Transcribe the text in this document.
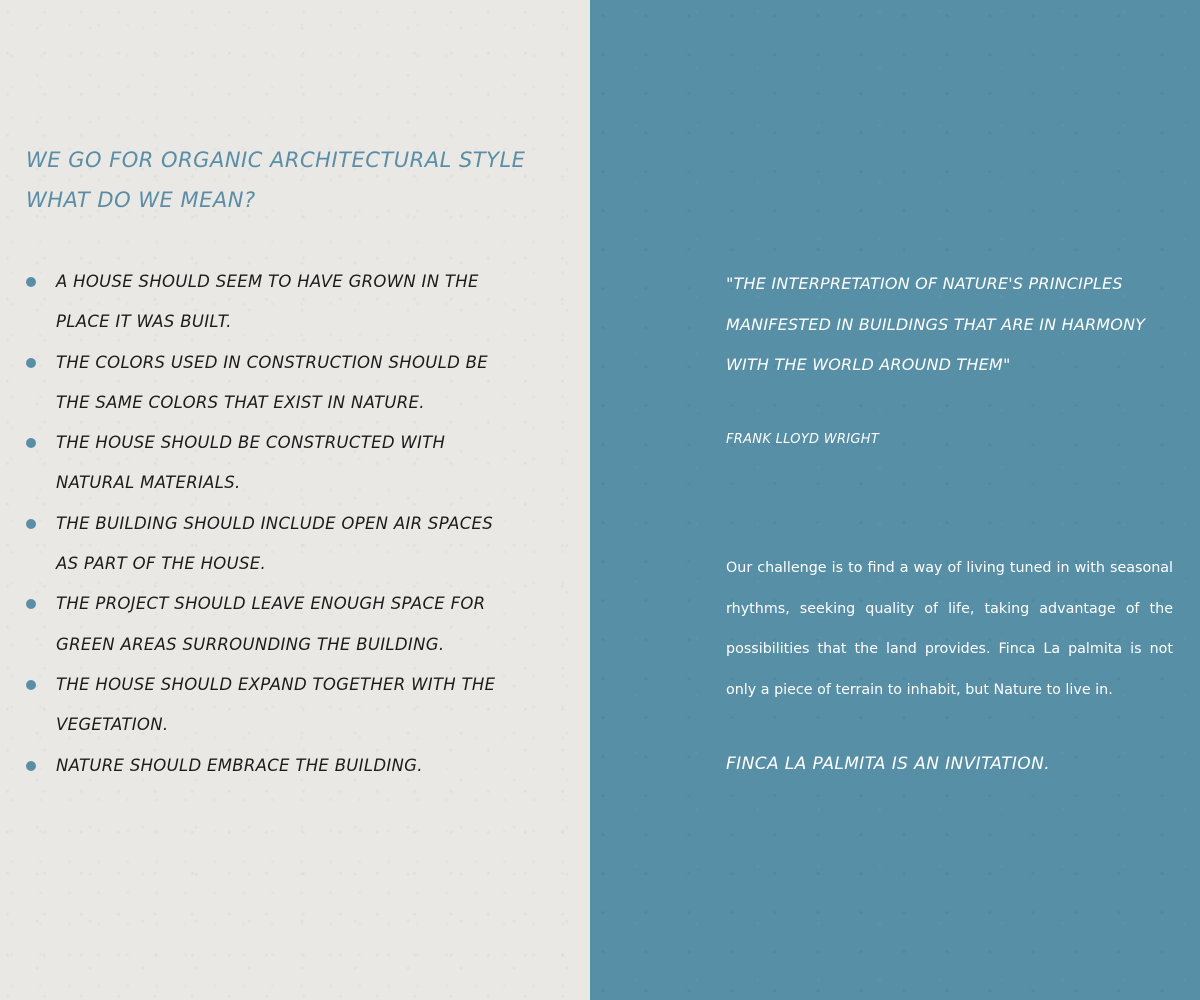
WE GO FOR ORGANIC ARCHITECTURAL STYLE
WHAT DO WE MEAN?
A HOUSE SHOULD SEEM TO HAVE GROWN IN THE PLACE IT WAS BUILT.
THE COLORS USED IN CONSTRUCTION SHOULD BE THE SAME COLORS THAT EXIST IN NATURE.
THE HOUSE SHOULD BE CONSTRUCTED WITH NATURAL MATERIALS.
THE BUILDING SHOULD INCLUDE OPEN AIR SPACES AS PART OF THE HOUSE.
THE PROJECT SHOULD LEAVE ENOUGH SPACE FOR GREEN AREAS SURROUNDING THE BUILDING.
THE HOUSE SHOULD EXPAND TOGETHER WITH THE VEGETATION.
NATURE SHOULD EMBRACE THE BUILDING.
"THE INTERPRETATION OF NATURE'S PRINCIPLES MANIFESTED IN BUILDINGS THAT ARE IN HARMONY WITH THE WORLD AROUND THEM"
FRANK LLOYD WRIGHT

Our challenge is to find a way of living tuned in with seasonal rhythms, seeking quality of life, taking advantage of the possibilities that the land provides. Finca La palmita is not only a piece of terrain to inhabit, but Nature to live in.

FINCA LA PALMITA IS AN INVITATION.
